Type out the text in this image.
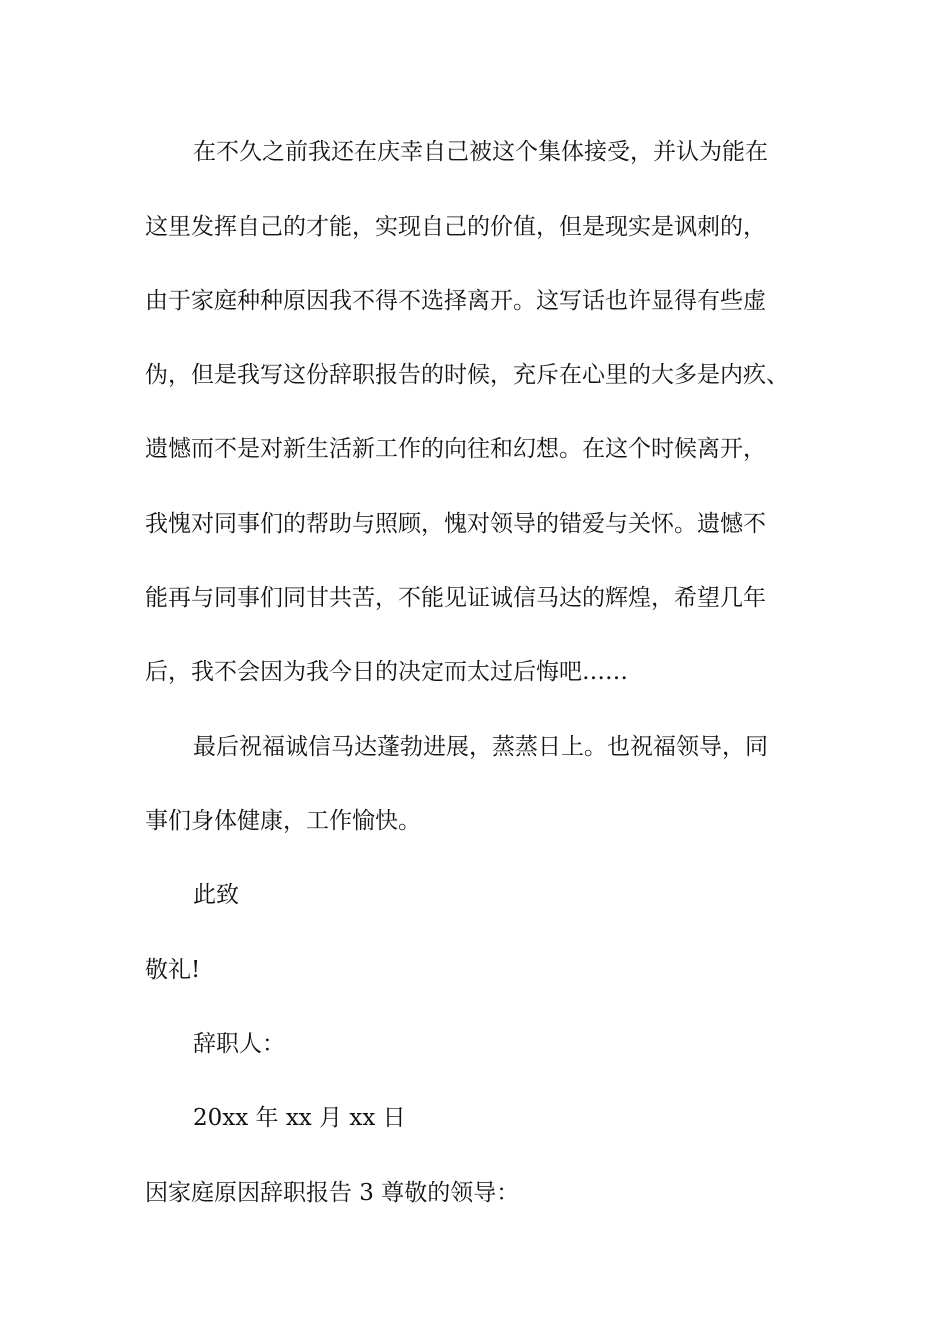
在不久之前我还在庆幸自己被这个集体接受，并认为能在
这里发挥自己的才能，实现自己的价值，但是现实是讽刺的，
由于家庭种种原因我不得不选择离开。这写话也许显得有些虚
伪，但是我写这份辞职报告的时候，充斥在心里的大多是内疚、
遗憾而不是对新生活新工作的向往和幻想。在这个时候离开，
我愧对同事们的帮助与照顾，愧对领导的错爱与关怀。遗憾不
能再与同事们同甘共苦，不能见证诚信马达的辉煌，希望几年
后，我不会因为我今日的决定而太过后悔吧……
最后祝福诚信马达蓬勃进展，蒸蒸日上。也祝福领导，同
事们身体健康，工作愉快。
此致
敬礼!
辞职人：
20xx 年 xx 月 xx 日
因家庭原因辞职报告 3 尊敬的领导：
